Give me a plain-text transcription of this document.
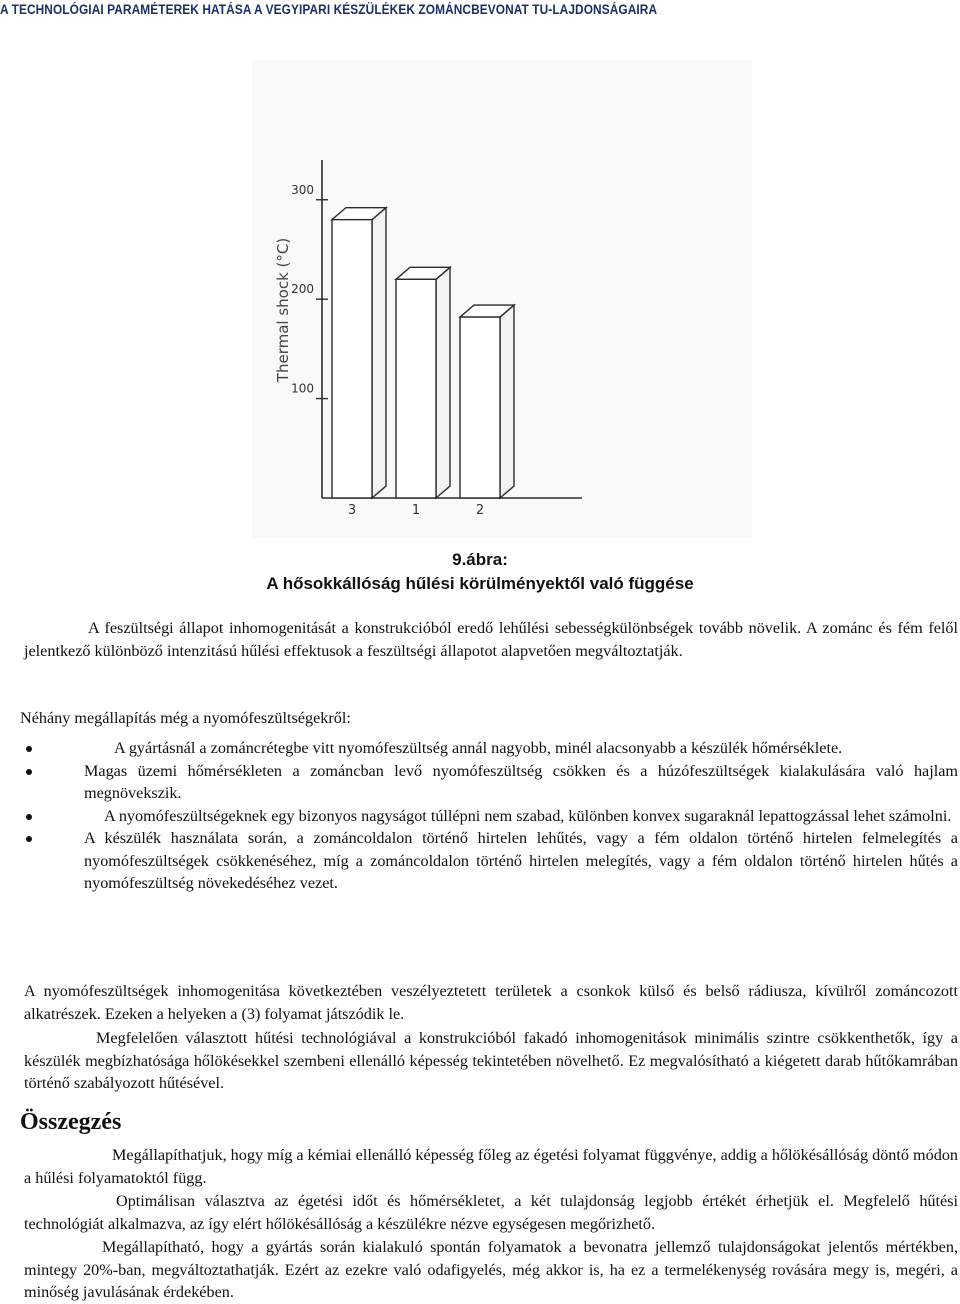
A TECHNOLÓGIAI PARAMÉTEREK HATÁSA A VEGYIPARI KÉSZÜLÉKEK ZOMÁNCBEVONAT TU-LAJDONSÁGAIRA
100
200
300
3	1	2
Thermal shock (°C)
9.ábra:
A hősokkállóság hűlési körülményektől való függése
A feszültségi állapot inhomogenitását a konstrukcióból eredő lehűlési sebességkülönbségek tovább növelik. A zománc és fém felől jelentkező különböző intenzitású hűlési effektusok a feszültségi állapotot alapvetően megváltoztatják.
Néhány megállapítás még a nyomófeszültségekről:
A gyártásnál a zománcrétegbe vitt nyomófeszültség annál nagyobb, minél alacsonyabb a készülék hőmérséklete.
Magas üzemi hőmérsékleten a zománcban levő nyomófeszültség csökken és a húzófeszültségek kialakulására való hajlam megnövekszik.
A nyomófeszültségeknek egy bizonyos nagyságot túllépni nem szabad, különben konvex sugaraknál lepattogzással lehet számolni.
A készülék használata során, a zománcoldalon történő hirtelen lehűtés, vagy a fém oldalon történő hirtelen felmelegítés a nyomófeszültségek csökkenéséhez, míg a zománcoldalon történő hirtelen melegítés, vagy a fém oldalon történő hirtelen hűtés a nyomófeszültség növekedéséhez vezet.
A nyomófeszültségek inhomogenitása következtében veszélyeztetett területek a csonkok külső és belső rádiusza, kívülről zománcozott alkatrészek. Ezeken a helyeken a (3) folyamat játszódik le.
Megfelelően választott hűtési technológiával a konstrukcióból fakadó inhomogenitások minimális szintre csökkenthetők, így a készülék megbízhatósága hőlökésekkel szembeni ellenálló képesség tekintetében növelhető. Ez megvalósítható a kiégetett darab hűtőkamrában történő szabályozott hűtésével.
Összegzés
Megállapíthatjuk, hogy míg a kémiai ellenálló képesség főleg az égetési folyamat függvénye, addig a hőlökésállóság döntő módon a hűlési folyamatoktól függ.
Optimálisan választva az égetési időt és hőmérsékletet, a két tulajdonság legjobb értékét érhetjük el. Megfelelő hűtési technológiát alkalmazva, az így elért hőlökésállóság a készülékre nézve egységesen megőrizhető.
Megállapítható, hogy a gyártás során kialakuló spontán folyamatok a bevonatra jellemző tulajdonságokat jelentős mértékben, mintegy 20%-ban, megváltoztathatják. Ezért az ezekre való odafigyelés, még akkor is, ha ez a termelékenység rovására megy is, megéri, a minőség javulásának érdekében.
